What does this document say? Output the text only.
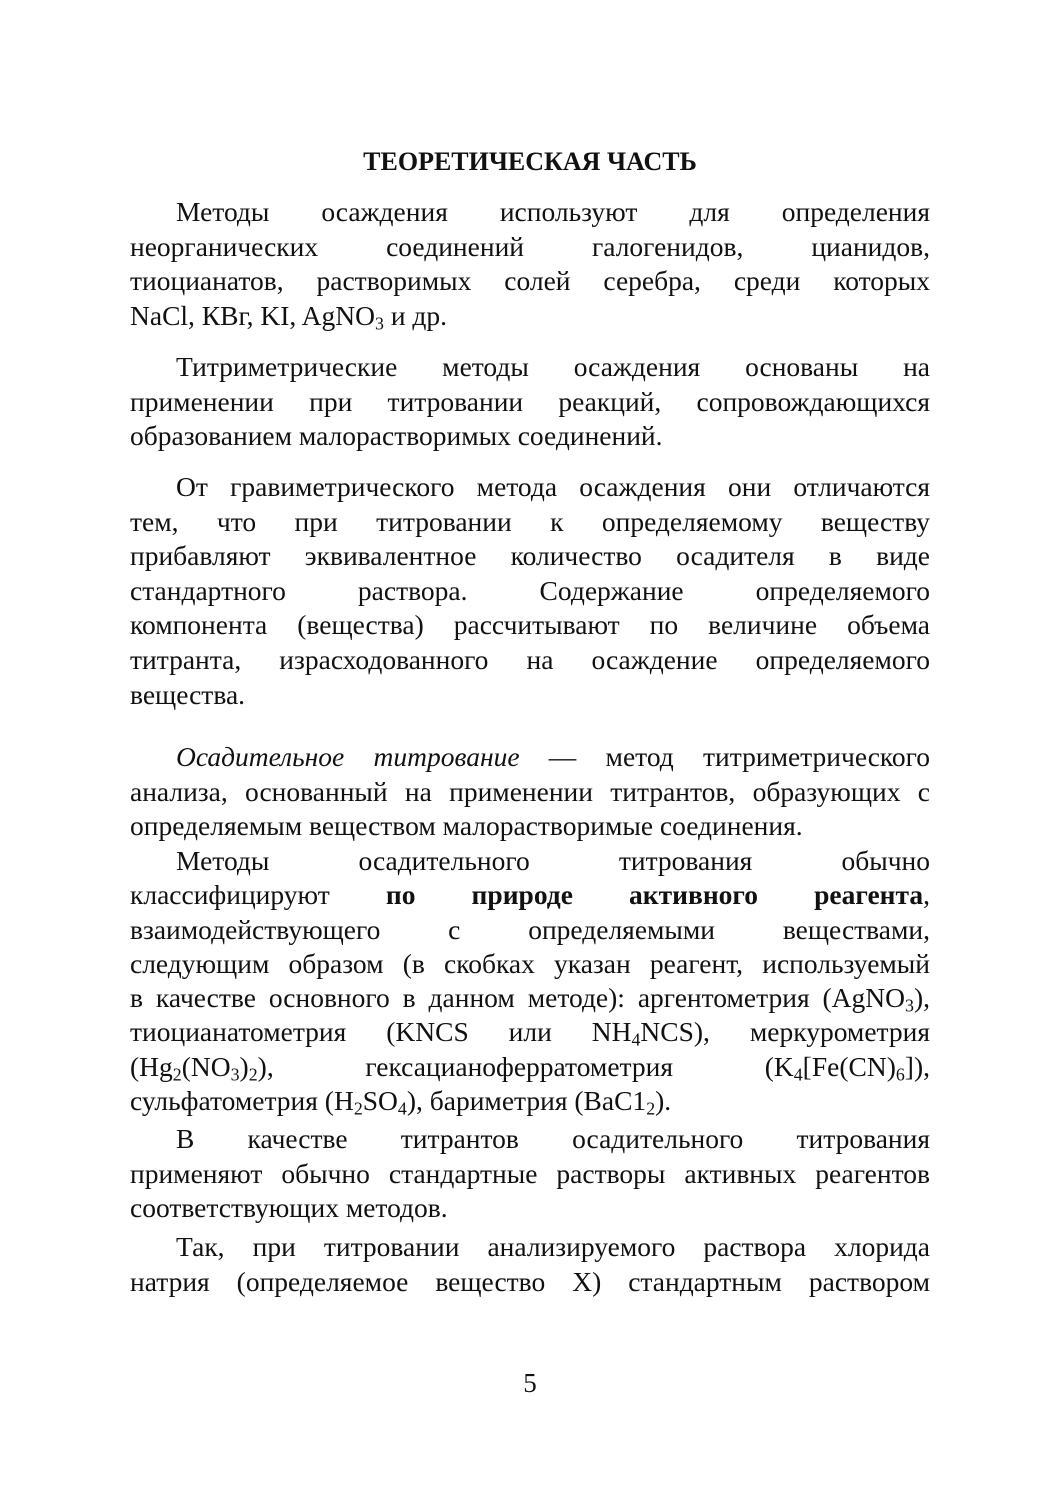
ТЕОРЕТИЧЕСКАЯ ЧАСТЬ
Методы осаждения используют для определения
неорганических соединений галогенидов, цианидов,
тиоцианатов, растворимых солей серебра, среди которых
NaCl, КВг, KI, AgNO$_3$ и др.
Титриметрические методы осаждения основаны на
применении при титровании реакций, сопровождающихся
образованием малорастворимых соединений.
От гравиметрического метода осаждения они отличаются
тем, что при титровании к определяемому веществу
прибавляют эквивалентное количество осадителя в виде
стандартного раствора. Содержание определяемого
компонента (вещества) рассчитывают по величине объема
титранта, израсходованного на осаждение определяемого
вещества.
Осадительное титрование — метод титриметрического
анализа, основанный на применении титрантов, образующих с
определяемым веществом малорастворимые соединения.
Методы осадительного титрования обычно
классифицируют по природе активного реагента,
взаимодействующего с определяемыми веществами,
следующим образом (в скобках указан реагент, используемый
в качестве основного в данном методе): аргентометрия (AgNO$_3$),
тиоцианатометрия (KNCS или $NH_4NCS$), меркурометрия
$(Hg_2(NO_3)_2)$, гексацианоферратометрия $(K_4[Fe(CN)_6])$,
сульфатометрия $(H_2SO_4)$, бариметрия $(BaC1_2)$.
В качестве титрантов осадительного титрования
применяют обычно стандартные растворы активных реагентов
соответствующих методов.
Так, при титровании анализируемого раствора хлорида
натрия (определяемое вещество X) стандартным раствором
5
